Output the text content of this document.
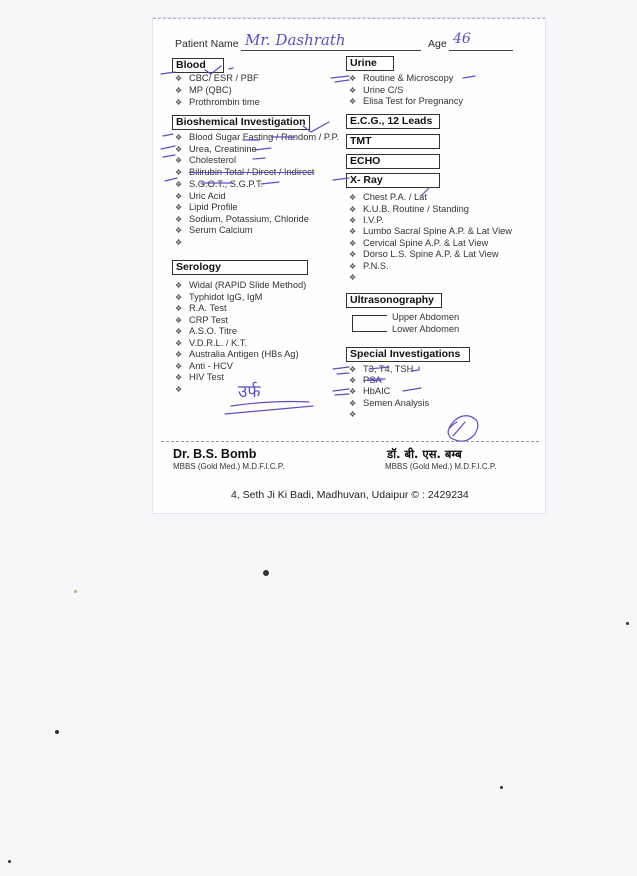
Patient Name Mr. Dashrath	Age 46
Blood
❖ CBC/ ESR / PBF
❖ MP (QBC)
❖ Prothrombin time
Bioshemical Investigation
❖ Blood Sugar Fasting / Random / P.P.
❖ Urea, Creatinine
❖ Cholesterol
❖ Bilirubin Total / Direct / Indirect
❖ S.G.O.T., S.G.P.T.
❖ Uric Acid
❖ Lipid Profile
❖ Sodium, Potassium, Chloride
❖ Serum Calcium
❖
Serology
❖ Widal (RAPID Slide Method)
❖ Typhidot IgG, IgM
❖ R.A. Test
❖ CRP Test
❖ A.S.O. Titre
❖ V.D.R.L. / K.T.
❖ Australia Antigen (HBs Ag)
❖ Anti - HCV
❖ HIV Test
❖
Urine
❖ Routine & Microscopy
❖ Urine C/S
❖ Elisa Test for Pregnancy
E.C.G., 12 Leads
TMT
ECHO
X- Ray
❖ Chest P.A. / Lat
❖ K.U.B. Routine / Standing
❖ I.V.P.
❖ Lumbo Sacral Spine A.P. & Lat View
❖ Cervical Spine A.P. & Lat View
❖ Dorso L.S. Spine A.P. & Lat View
❖ P.N.S.
❖
Ultrasonography
Upper Abdomen
Lower Abdomen
Special Investigations
❖ T3, T4, TSH
❖ PSA
❖ HbAIC
❖ Semen Analysis
❖
उर्फ
Dr. B.S. Bomb
MBBS (Gold Med.) M.D.F.I.C.P.
डॉ. बी. एस. बम्ब
MBBS (Gold Med.) M.D.F.I.C.P.
4, Seth Ji Ki Badi, Madhuvan, Udaipur © : 2429234
